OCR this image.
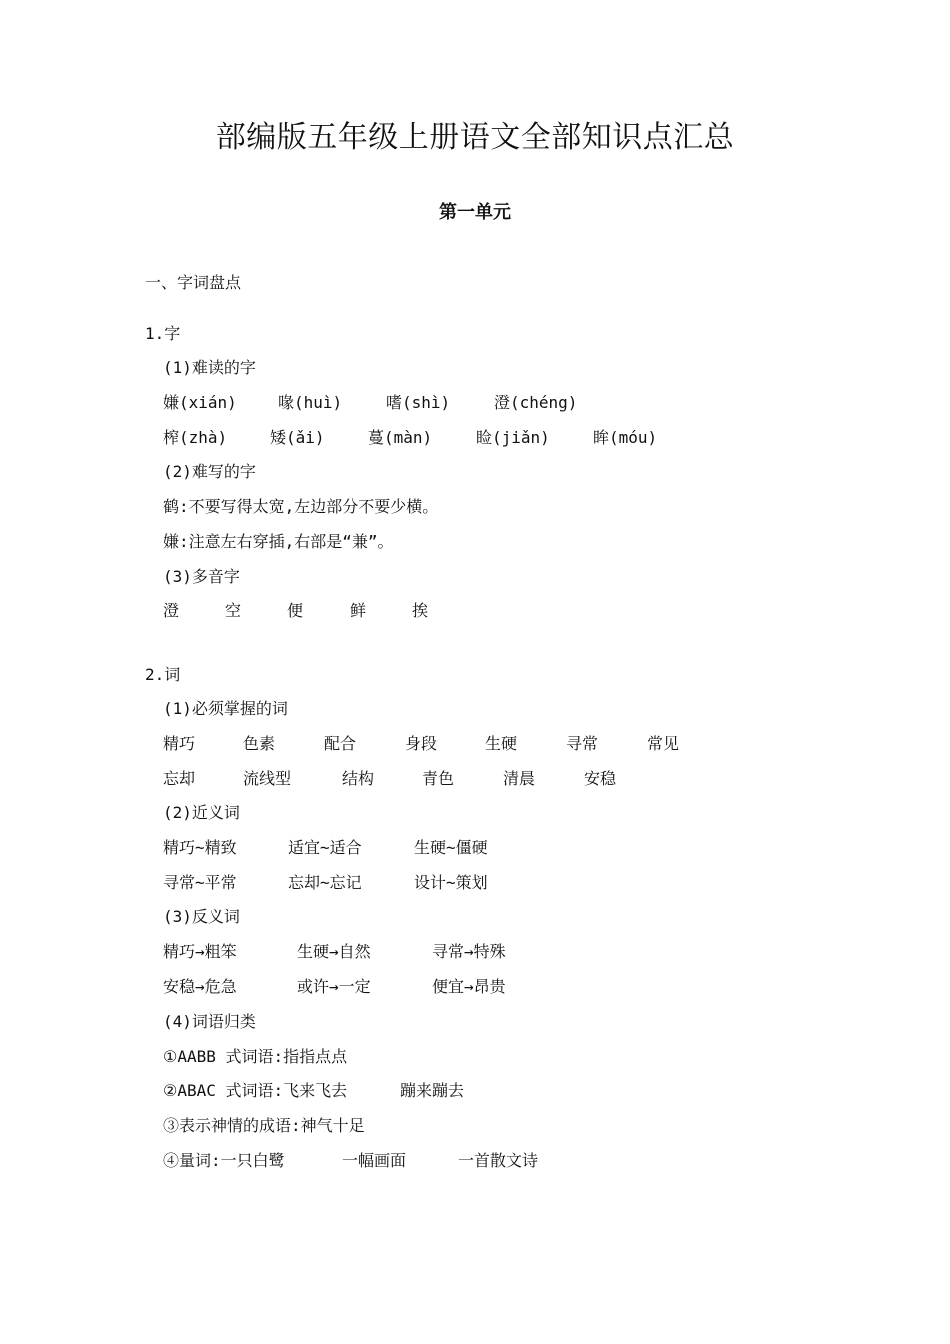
部编版五年级上册语文全部知识点汇总
第一单元
一、字词盘点
1.字
(1)难读的字
嫌(xián)	喙(huì)	嗜(shì)	澄(chéng)
榨(zhà)	矮(ǎi)	蔓(màn)	睑(jiǎn)	眸(móu)
(2)难写的字
鹤:不要写得太宽,左边部分不要少横。
嫌:注意左右穿插,右部是“兼”。
(3)多音字
澄	空	便	鲜	挨
2.词
(1)必须掌握的词
精巧	色素	配合	身段	生硬	寻常	常见
忘却	流线型	结构	青色	清晨	安稳
(2)近义词
精巧~精致	适宜~适合	生硬~僵硬
寻常~平常	忘却~忘记	设计~策划
(3)反义词
精巧→粗笨	生硬→自然	寻常→特殊
安稳→危急	或许→一定	便宜→昂贵
(4)词语归类
①AABB 式词语:指指点点
②ABAC 式词语:飞来飞去	蹦来蹦去
③表示神情的成语:神气十足
④量词:一只白鹭	一幅画面	一首散文诗
